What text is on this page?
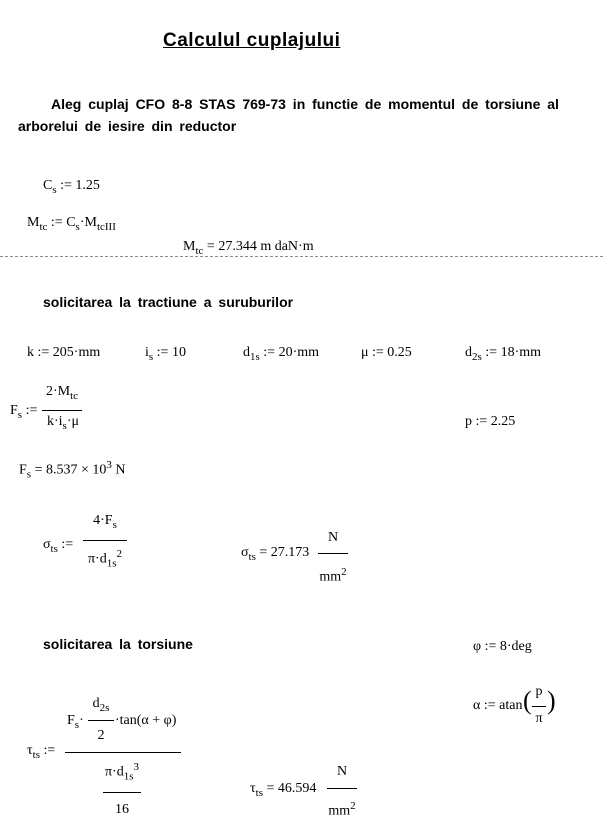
Calculul cuplajului
Aleg cuplaj CFO 8-8 STAS 769-73 in functie de momentul de torsiune al
arborelui de iesire din reductor
$C_s$ := 1.25
$M_{tc}$ := $C_s\cdot M_{tcIII}$
$M_{tc} = 27.344$ m daN·m
solicitarea la tractiune a suruburilor
k := 205·mm	$i_s$ := 10	$d_{1s}$ := 20·mm	μ := 0.25	$d_{2s}$ := 18·mm
$F_s$ :=
$2\cdot M_{tc}$
$k\cdot i_s\cdot\mu$	p := 2.25
$F_s = 8.537 \times 10^3$ N
$\sigma_{ts}$ :=
$4\cdot F_s$
$\pi\cdot d_{1s}^2$	$\sigma_{ts} = 27.173$
N
$mm^2$
solicitarea la torsiune	φ := 8·deg
α := atan ( p
π
)
$\tau_{ts}$ :=
$F_s\cdot$
$d_{2s}$
2
·tan(α + φ)
$\pi\cdot d_{1s}^3$
16
$\tau_{ts} = 46.594$
N
$mm^2$
